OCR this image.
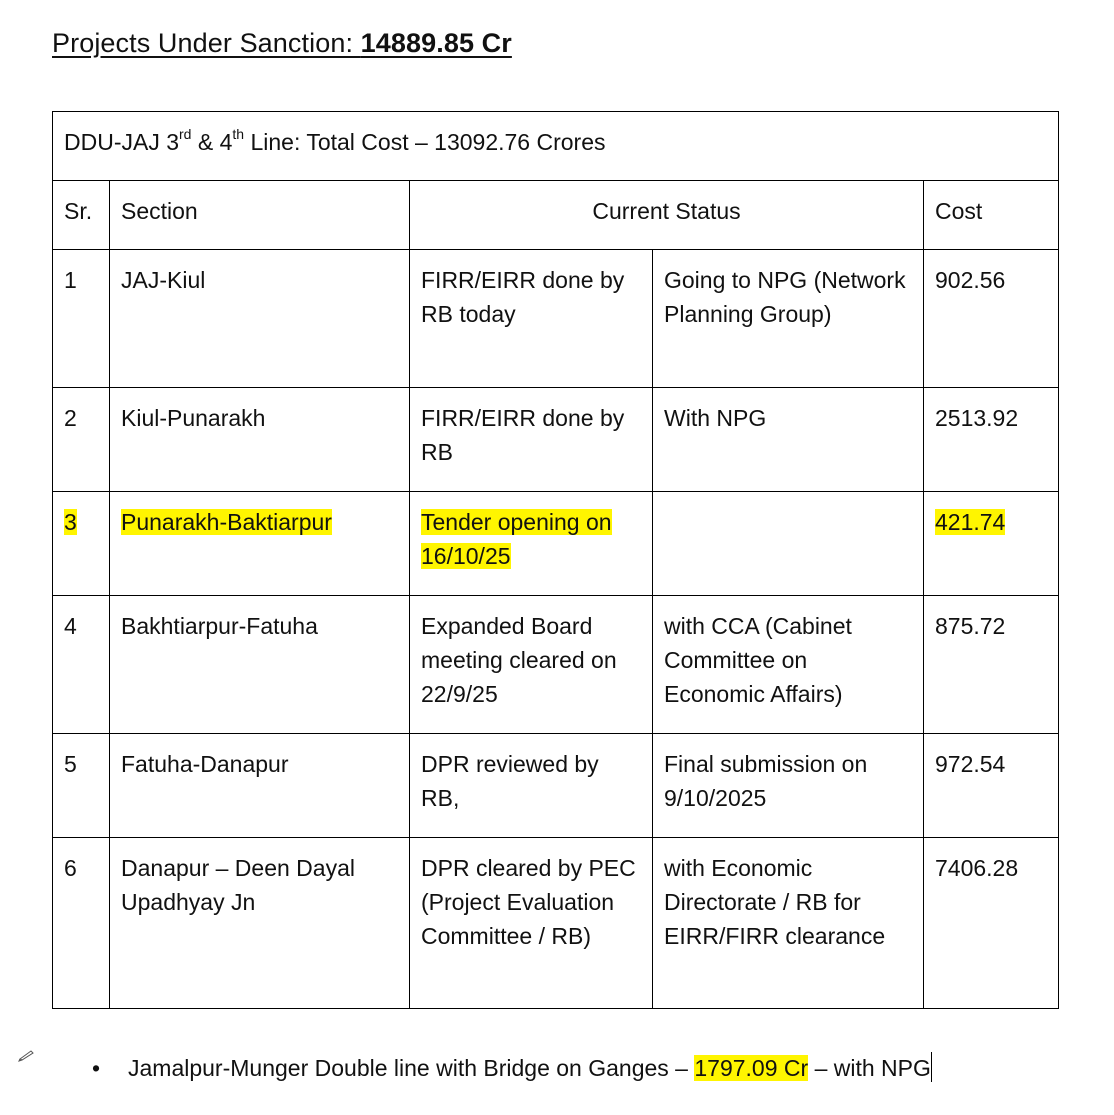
Projects Under Sanction: 14889.85 Cr
DDU-JAJ 3rd & 4th Line: Total Cost – 13092.76 Crores				
Sr.	Section	Current Status		Cost
1	JAJ-Kiul	FIRR/EIRR done by RB today	Going to NPG (Network Planning Group)	902.56
2	Kiul-Punarakh	FIRR/EIRR done by RB	With NPG	2513.92
3	Punarakh-Baktiarpur	Tender opening on 16/10/25		421.74
4	Bakhtiarpur-Fatuha	Expanded Board meeting cleared on 22/9/25	with CCA (Cabinet Committee on Economic Affairs)	875.72
5	Fatuha-Danapur	DPR reviewed by RB,	Final submission on 9/10/2025	972.54
6	Danapur – Deen Dayal Upadhyay Jn	DPR cleared by PEC (Project Evaluation Committee / RB)	with Economic Directorate / RB for EIRR/FIRR clearance	7406.28
• Jamalpur-Munger Double line with Bridge on Ganges – 1797.09 Cr – with NPG
